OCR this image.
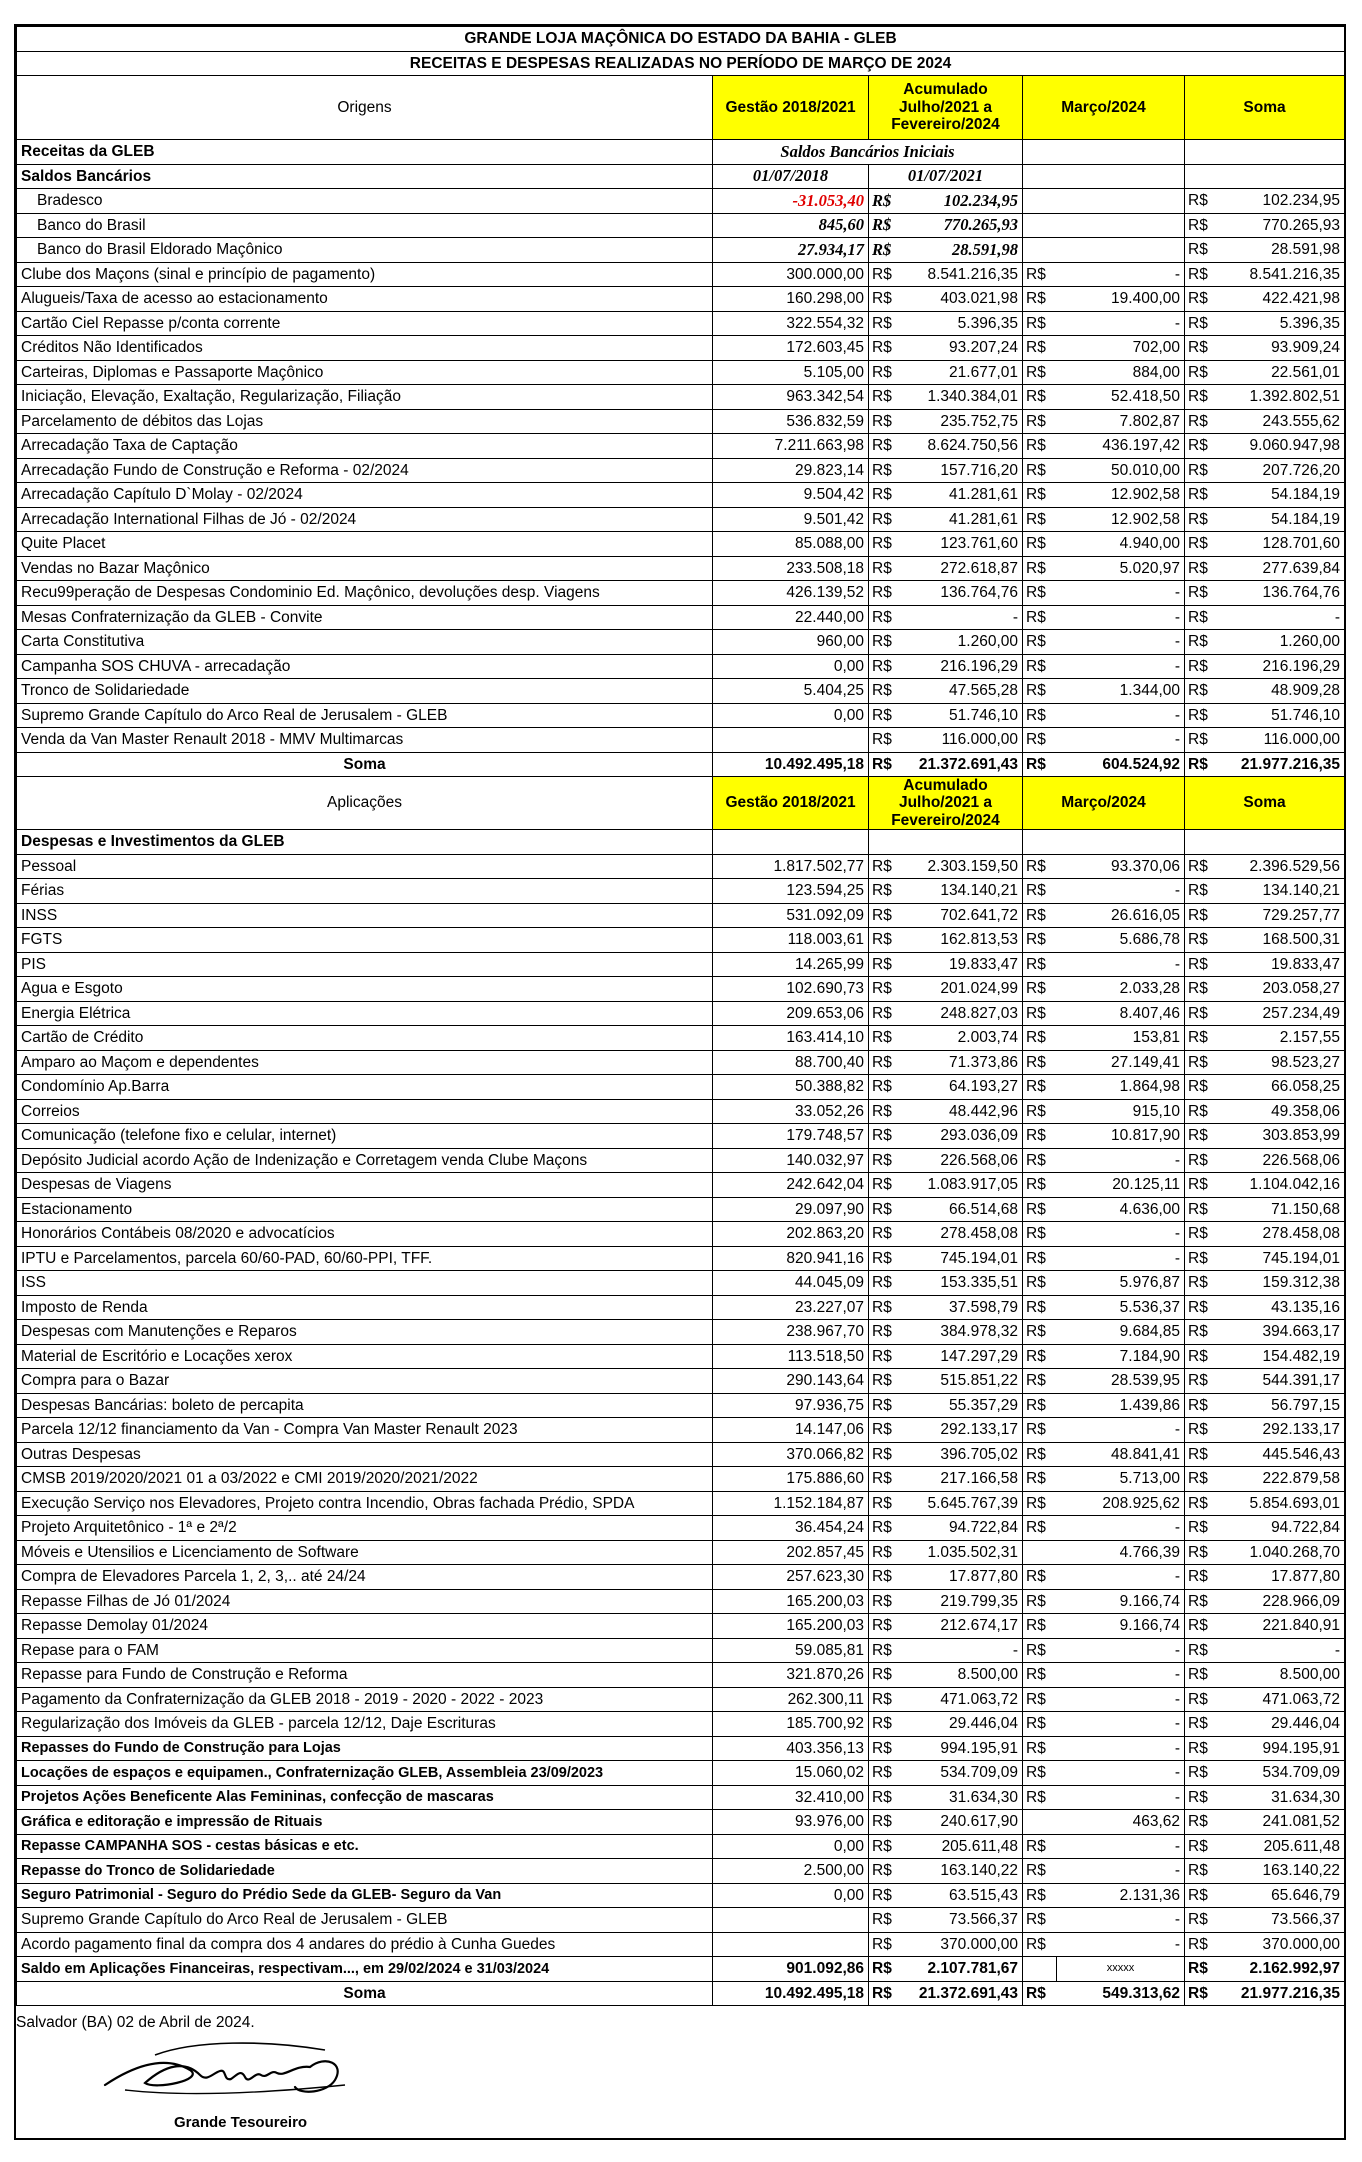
GRANDE LOJA MAÇÔNICA DO ESTADO DA BAHIA - GLEB							
RECEITAS E DESPESAS REALIZADAS NO PERÍODO DE MARÇO DE 2024							
Origens	Gestão 2018/2021	Acumulado Julho/2021 a Fevereiro/2024		Março/2024		Soma	

Receitas da GLEB	Saldos Bancários Iniciais						
Saldos Bancários	01/07/2018	01/07/2021					
Bradesco	-31.053,40	R$	102.234,95			R$	102.234,95
Banco do Brasil	845,60	R$	770.265,93			R$	770.265,93
Banco do Brasil Eldorado Maçônico	27.934,17	R$	28.591,98			R$	28.591,98
Clube dos Maçons (sinal e princípio de pagamento)	300.000,00	R$	8.541.216,35	R$	-	R$	8.541.216,35
Alugueis/Taxa de acesso ao estacionamento	160.298,00	R$	403.021,98	R$	19.400,00	R$	422.421,98
Cartão Ciel Repasse p/conta corrente	322.554,32	R$	5.396,35	R$	-	R$	5.396,35
Créditos Não Identificados	172.603,45	R$	93.207,24	R$	702,00	R$	93.909,24
Carteiras, Diplomas e Passaporte Maçônico	5.105,00	R$	21.677,01	R$	884,00	R$	22.561,01
Iniciação, Elevação, Exaltação, Regularização, Filiação	963.342,54	R$	1.340.384,01	R$	52.418,50	R$	1.392.802,51
Parcelamento de débitos das Lojas	536.832,59	R$	235.752,75	R$	7.802,87	R$	243.555,62
Arrecadação Taxa de Captação	7.211.663,98	R$	8.624.750,56	R$	436.197,42	R$	9.060.947,98
Arrecadação Fundo de Construção e Reforma - 02/2024	29.823,14	R$	157.716,20	R$	50.010,00	R$	207.726,20
Arrecadação Capítulo D`Molay - 02/2024	9.504,42	R$	41.281,61	R$	12.902,58	R$	54.184,19
Arrecadação International Filhas de Jó - 02/2024	9.501,42	R$	41.281,61	R$	12.902,58	R$	54.184,19
Quite Placet	85.088,00	R$	123.761,60	R$	4.940,00	R$	128.701,60
Vendas no Bazar Maçônico	233.508,18	R$	272.618,87	R$	5.020,97	R$	277.639,84
Recu99peração de Despesas Condominio Ed. Maçônico, devoluções desp. Viagens	426.139,52	R$	136.764,76	R$	-	R$	136.764,76
Mesas Confraternização da GLEB - Convite	22.440,00	R$	-	R$	-	R$	-
Carta Constitutiva	960,00	R$	1.260,00	R$	-	R$	1.260,00
Campanha SOS CHUVA - arrecadação	0,00	R$	216.196,29	R$	-	R$	216.196,29
Tronco de Solidariedade	5.404,25	R$	47.565,28	R$	1.344,00	R$	48.909,28
Supremo Grande Capítulo do Arco Real de Jerusalem - GLEB	0,00	R$	51.746,10	R$	-	R$	51.746,10
Venda da Van Master Renault 2018 - MMV Multimarcas		R$	116.000,00	R$	-	R$	116.000,00
Soma	10.492.495,18	R$	21.372.691,43	R$	604.524,92	R$	21.977.216,35
Aplicações	Gestão 2018/2021	Acumulado Julho/2021 a Fevereiro/2024		Março/2024		Soma	
Despesas e Investimentos da GLEB							
Pessoal	1.817.502,77	R$	2.303.159,50	R$	93.370,06	R$	2.396.529,56
Férias	123.594,25	R$	134.140,21	R$	-	R$	134.140,21
INSS	531.092,09	R$	702.641,72	R$	26.616,05	R$	729.257,77
FGTS	118.003,61	R$	162.813,53	R$	5.686,78	R$	168.500,31
PIS	14.265,99	R$	19.833,47	R$	-	R$	19.833,47
Agua e Esgoto	102.690,73	R$	201.024,99	R$	2.033,28	R$	203.058,27
Energia Elétrica	209.653,06	R$	248.827,03	R$	8.407,46	R$	257.234,49
Cartão de Crédito	163.414,10	R$	2.003,74	R$	153,81	R$	2.157,55
Amparo ao Maçom e dependentes	88.700,40	R$	71.373,86	R$	27.149,41	R$	98.523,27
Condomínio Ap.Barra	50.388,82	R$	64.193,27	R$	1.864,98	R$	66.058,25
Correios	33.052,26	R$	48.442,96	R$	915,10	R$	49.358,06
Comunicação (telefone fixo e celular, internet)	179.748,57	R$	293.036,09	R$	10.817,90	R$	303.853,99
Depósito Judicial acordo Ação de Indenização e Corretagem venda Clube Maçons	140.032,97	R$	226.568,06	R$	-	R$	226.568,06
Despesas de Viagens	242.642,04	R$	1.083.917,05	R$	20.125,11	R$	1.104.042,16
Estacionamento	29.097,90	R$	66.514,68	R$	4.636,00	R$	71.150,68
Honorários Contábeis 08/2020 e advocatícios	202.863,20	R$	278.458,08	R$	-	R$	278.458,08
IPTU e Parcelamentos, parcela 60/60-PAD, 60/60-PPI, TFF.	820.941,16	R$	745.194,01	R$	-	R$	745.194,01
ISS	44.045,09	R$	153.335,51	R$	5.976,87	R$	159.312,38
Imposto de Renda	23.227,07	R$	37.598,79	R$	5.536,37	R$	43.135,16
Despesas com Manutenções e Reparos	238.967,70	R$	384.978,32	R$	9.684,85	R$	394.663,17
Material de Escritório e Locações xerox	113.518,50	R$	147.297,29	R$	7.184,90	R$	154.482,19
Compra para o Bazar	290.143,64	R$	515.851,22	R$	28.539,95	R$	544.391,17
Despesas Bancárias: boleto de percapita	97.936,75	R$	55.357,29	R$	1.439,86	R$	56.797,15
Parcela 12/12 financiamento da Van - Compra Van Master Renault 2023	14.147,06	R$	292.133,17	R$	-	R$	292.133,17
Outras Despesas	370.066,82	R$	396.705,02	R$	48.841,41	R$	445.546,43
CMSB 2019/2020/2021 01 a 03/2022 e CMI 2019/2020/2021/2022	175.886,60	R$	217.166,58	R$	5.713,00	R$	222.879,58
Execução Serviço nos Elevadores, Projeto contra Incendio, Obras fachada Prédio, SPDA	1.152.184,87	R$	5.645.767,39	R$	208.925,62	R$	5.854.693,01
Projeto Arquitetônico - 1ª e 2ª/2	36.454,24	R$	94.722,84	R$	-	R$	94.722,84
Móveis e Utensilios e Licenciamento de Software	202.857,45	R$	1.035.502,31		4.766,39	R$	1.040.268,70
Compra de Elevadores Parcela 1, 2, 3,.. até 24/24	257.623,30	R$	17.877,80	R$	-	R$	17.877,80
Repasse Filhas de Jó 01/2024	165.200,03	R$	219.799,35	R$	9.166,74	R$	228.966,09
Repasse Demolay 01/2024	165.200,03	R$	212.674,17	R$	9.166,74	R$	221.840,91
Repase para o FAM	59.085,81	R$	-	R$	-	R$	-
Repasse para Fundo de Construção e Reforma	321.870,26	R$	8.500,00	R$	-	R$	8.500,00
Pagamento da Confraternização da GLEB 2018 - 2019 - 2020 - 2022 - 2023	262.300,11	R$	471.063,72	R$	-	R$	471.063,72
Regularização dos Imóveis da GLEB - parcela 12/12, Daje Escrituras	185.700,92	R$	29.446,04	R$	-	R$	29.446,04
Repasses do Fundo de Construção para Lojas	403.356,13	R$	994.195,91	R$	-	R$	994.195,91
Locações de espaços e equipamen., Confraternização GLEB, Assembleia 23/09/2023	15.060,02	R$	534.709,09	R$	-	R$	534.709,09
Projetos Ações Beneficente Alas Femininas, confecção de mascaras	32.410,00	R$	31.634,30	R$	-	R$	31.634,30
Gráfica e editoração e impressão de Rituais	93.976,00	R$	240.617,90		463,62	R$	241.081,52
Repasse CAMPANHA SOS - cestas básicas e etc.	0,00	R$	205.611,48	R$	-	R$	205.611,48
Repasse do Tronco de Solidariedade	2.500,00	R$	163.140,22	R$	-	R$	163.140,22
Seguro Patrimonial - Seguro do Prédio Sede da GLEB- Seguro da Van	0,00	R$	63.515,43	R$	2.131,36	R$	65.646,79
Supremo Grande Capítulo do Arco Real de Jerusalem - GLEB		R$	73.566,37	R$	-	R$	73.566,37
Acordo pagamento final da compra dos 4 andares do prédio à Cunha Guedes		R$	370.000,00	R$	-	R$	370.000,00
Saldo em Aplicações Financeiras, respectivam..., em 29/02/2024 e 31/03/2024	901.092,86	R$	2.107.781,67		xxxxx	R$	2.162.992,97
Soma	10.492.495,18	R$	21.372.691,43	R$	549.313,62	R$	21.977.216,35
Salvador (BA) 02 de Abril de 2024.
Grande Tesoureiro
